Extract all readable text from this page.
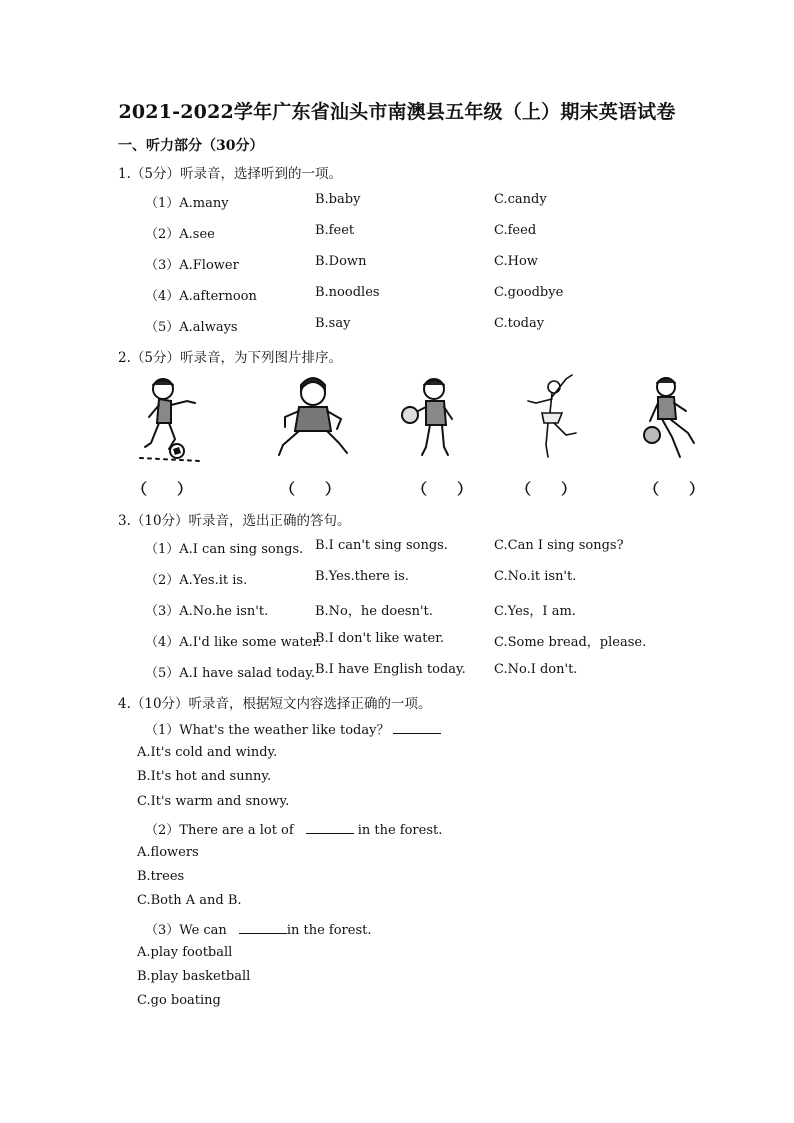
2021-2022学年广东省汕头市南澳县五年级（上）期末英语试卷
一、听力部分（30分）
1.（5分）听录音，选择听到的一项。
（1）A.many	B.baby	C.candy
（2）A.see	B.feet	C.feed
（3）A.Flower	B.Down	C.How
（4）A.afternoon	B.noodles	C.goodbye
（5）A.always	B.say	C.today
2.（5分）听录音，为下列图片排序。
（　　）	（　　）	（　　）	（　　）	（　　）
3.（10分）听录音，选出正确的答句。
（1）A.I can sing songs. B.I can't sing songs.	C.Can I sing songs?
（2）A.Yes.it is.	B.Yes.there is.	C.No.it isn't.
（3）A.No.he isn't.	B.No，he doesn't.	C.Yes，I am.
（4）A.I'd like some water.
B.I don't like water.	C.Some bread，please.
（5）A.I have salad today. B.I have English today. C.No.I don't.
4.（10分）听录音，根据短文内容选择正确的一项。
（1）What's the weather like today？
A.It's cold and windy.
B.It's hot and sunny.
C.It's warm and snowy.
（2）There are a lot of	in the forest.
A.flowers
B.trees
C.Both A and B.
（3）We can	in the forest.
A.play football
B.play basketball
C.go boating
